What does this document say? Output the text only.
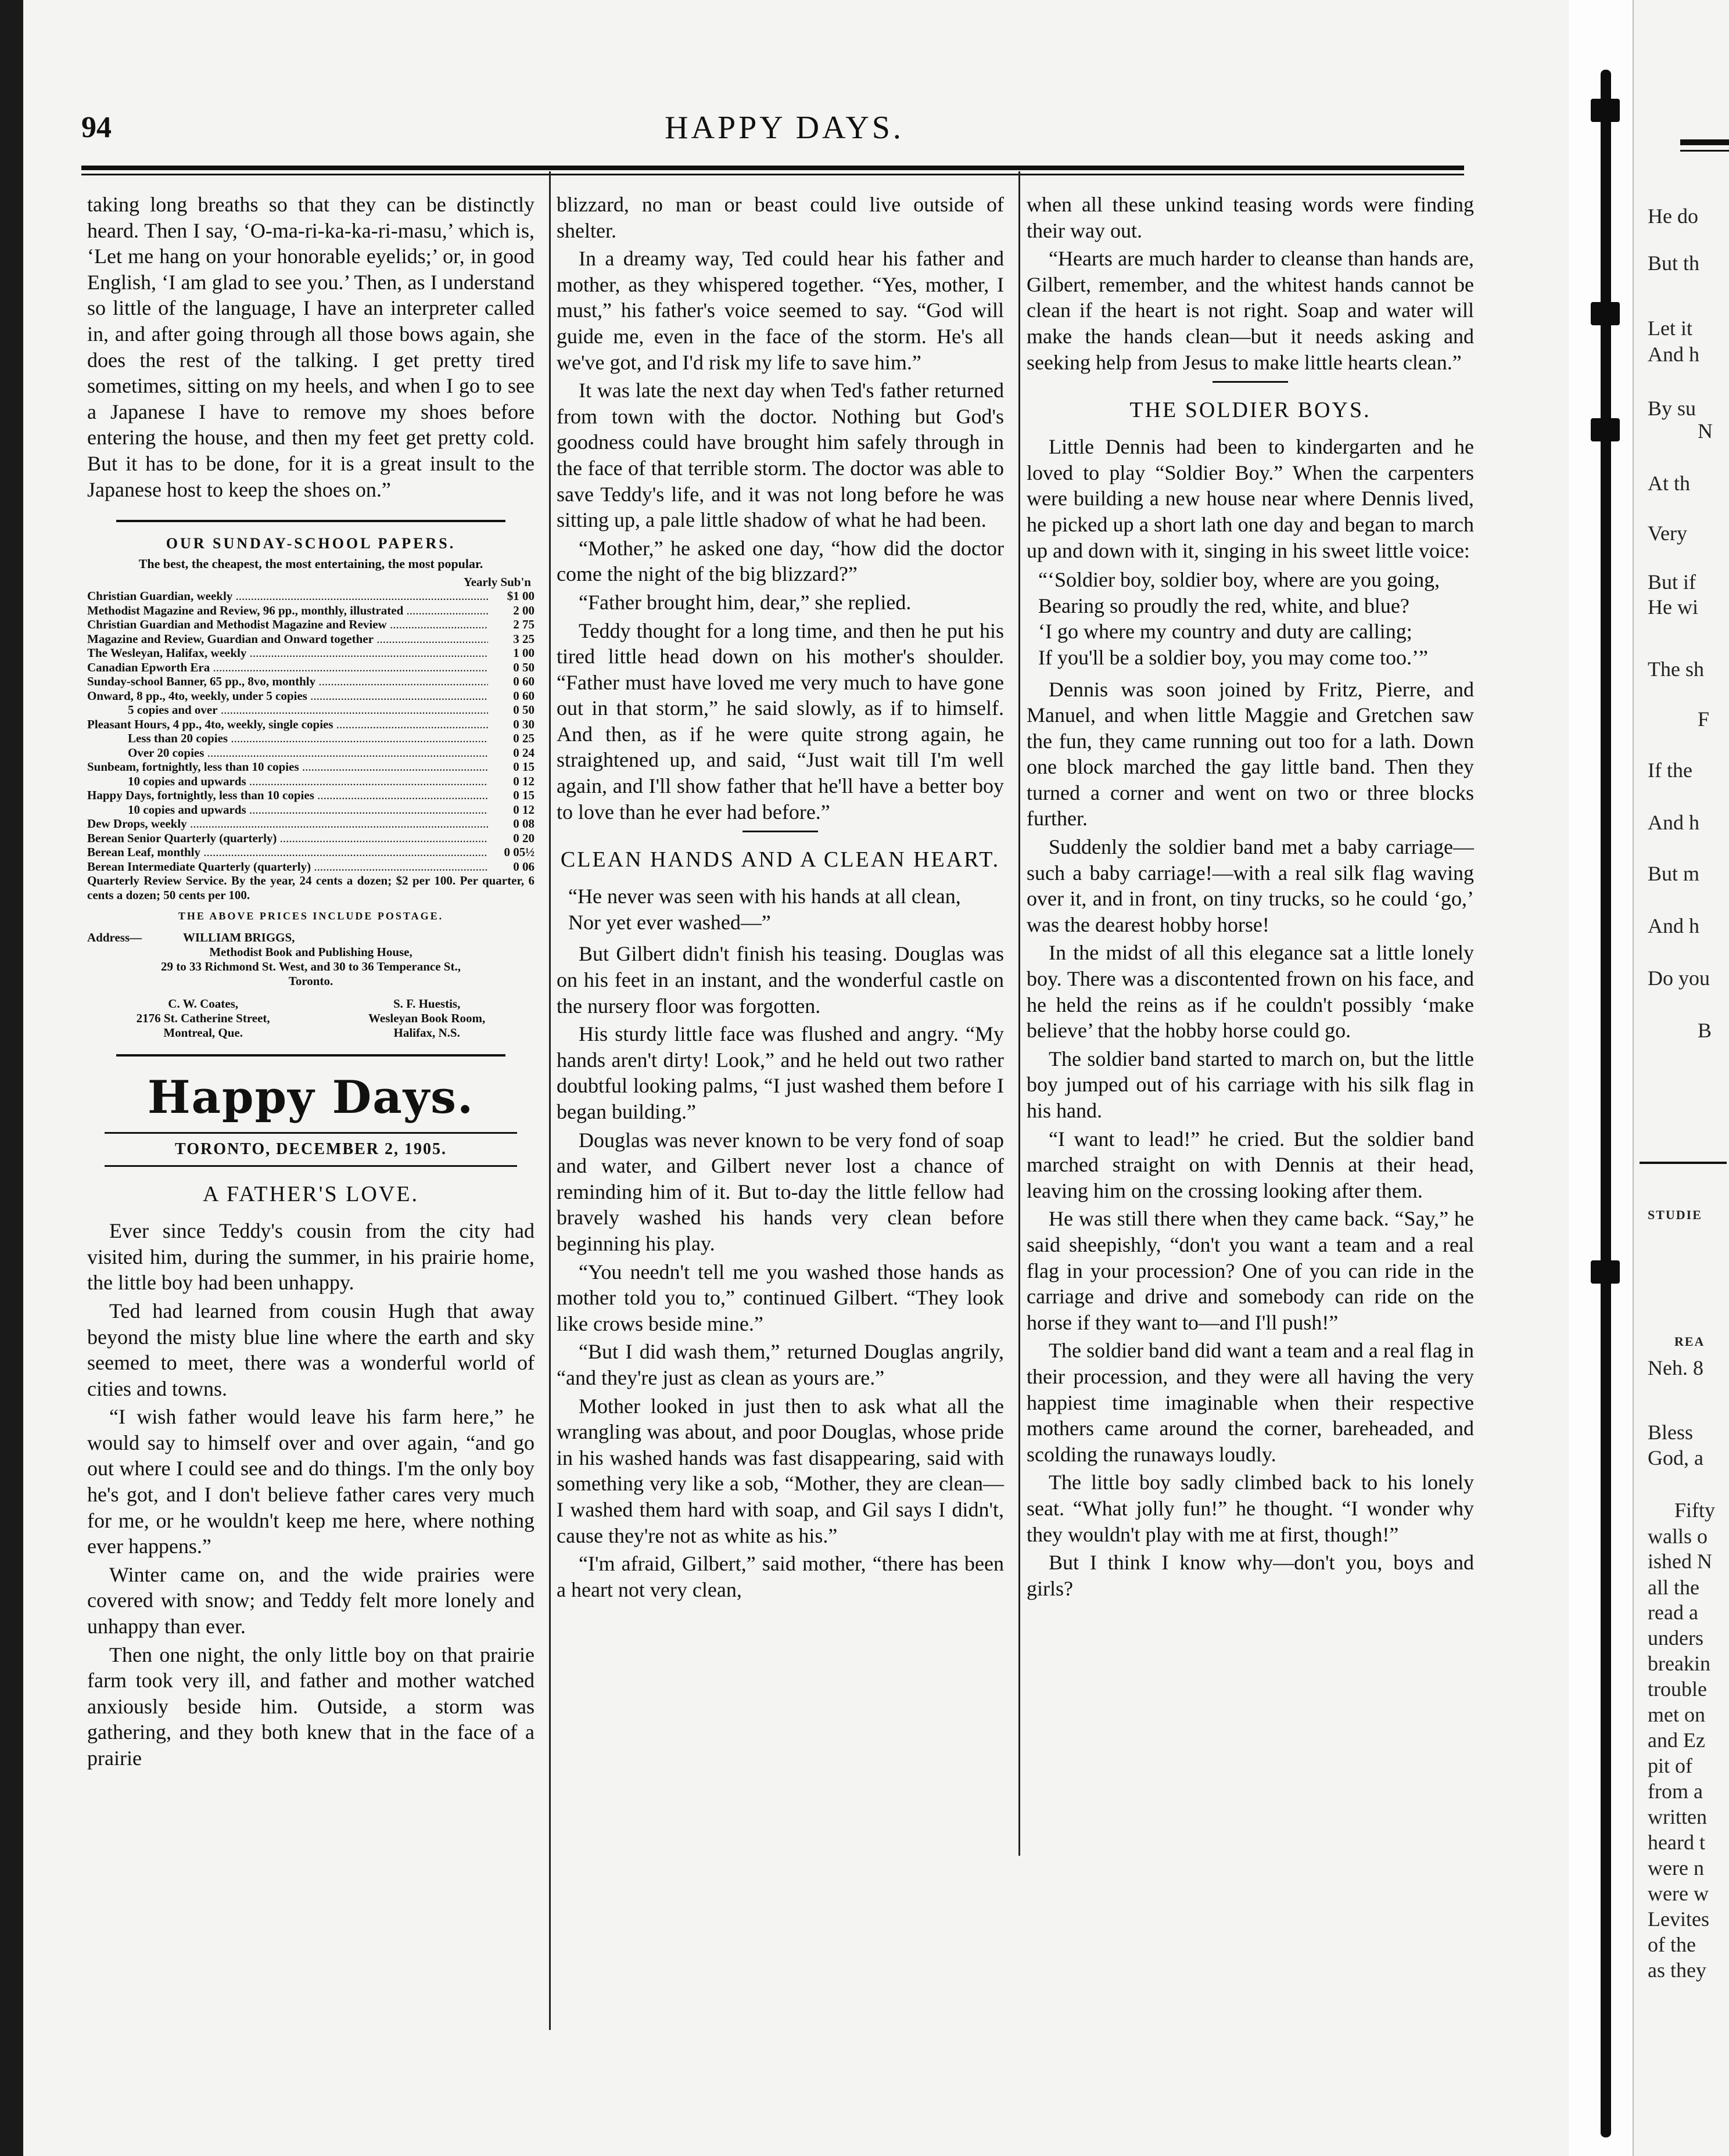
94	HAPPY DAYS.

taking long breaths so that they can be distinctly heard. Then I say, ‘O-ma-ri-ka-ka-ri-masu,’ which is, ‘Let me hang on your honorable eyelids;’ or, in good English, ‘I am glad to see you.’ Then, as I understand so little of the language, I have an interpreter called in, and after going through all those bows again, she does the rest of the talking. I get pretty tired sometimes, sitting on my heels, and when I go to see a Japanese I have to remove my shoes before entering the house, and then my feet get pretty cold. But it has to be done, for it is a great insult to the Japanese host to keep the shoes on.”

OUR SUNDAY-SCHOOL PAPERS.
The best, the cheapest, the most entertaining, the most popular.
Yearly Sub'n
Christian Guardian, weekly .....	$1 00
Methodist Magazine and Review, 96 pp., monthly, illustrated .....	2 00
Christian Guardian and Methodist Magazine and Review .....	2 75
Magazine and Review, Guardian and Onward together .....	3 25
The Wesleyan, Halifax, weekly .....	1 00
Canadian Epworth Era .....	0 50
Sunday-school Banner, 65 pp., 8vo, monthly .....	0 60
Onward, 8 pp., 4to, weekly, under 5 copies .....	0 60
5 copies and over .....	0 50
Pleasant Hours, 4 pp., 4to, weekly, single copies .....	0 30
Less than 20 copies .....	0 25
Over 20 copies .....	0 24
Sunbeam, fortnightly, less than 10 copies .....	0 15
10 copies and upwards .....	0 12
Happy Days, fortnightly, less than 10 copies .....	0 15
10 copies and upwards .....	0 12
Dew Drops, weekly .....	0 08
Berean Senior Quarterly (quarterly) .....	0 20
Berean Leaf, monthly .....	0 05½
Berean Intermediate Quarterly (quarterly) .....	0 06
Quarterly Review Service. By the year, 24 cents a dozen; $2 per 100. Per quarter, 6 cents a dozen; 50 cents per 100.
THE ABOVE PRICES INCLUDE POSTAGE.
Address—	WILLIAM BRIGGS,
Methodist Book and Publishing House,
29 to 33 Richmond St. West, and 30 to 36 Temperance St.,
Toronto.
C. W. Coates,
2176 St. Catherine Street,
Montreal, Que.
S. F. Huestis,
Wesleyan Book Room,
Halifax, N.S.
Happy Days.
TORONTO, DECEMBER 2, 1905.
A FATHER'S LOVE.

Ever since Teddy's cousin from the city had visited him, during the summer, in his prairie home, the little boy had been unhappy.

Ted had learned from cousin Hugh that away beyond the misty blue line where the earth and sky seemed to meet, there was a wonderful world of cities and towns.

“I wish father would leave his farm here,” he would say to himself over and over again, “and go out where I could see and do things. I'm the only boy he's got, and I don't believe father cares very much for me, or he wouldn't keep me here, where nothing ever happens.”

Winter came on, and the wide prairies were covered with snow; and Teddy felt more lonely and unhappy than ever.

Then one night, the only little boy on that prairie farm took very ill, and father and mother watched anxiously beside him. Outside, a storm was gathering, and they both knew that in the face of a prairie

blizzard, no man or beast could live outside of shelter.

In a dreamy way, Ted could hear his father and mother, as they whispered together. “Yes, mother, I must,” his father's voice seemed to say. “God will guide me, even in the face of the storm. He's all we've got, and I'd risk my life to save him.”

It was late the next day when Ted's father returned from town with the doctor. Nothing but God's goodness could have brought him safely through in the face of that terrible storm. The doctor was able to save Teddy's life, and it was not long before he was sitting up, a pale little shadow of what he had been.

“Mother,” he asked one day, “how did the doctor come the night of the big blizzard?”

“Father brought him, dear,” she replied.

Teddy thought for a long time, and then he put his tired little head down on his mother's shoulder. “Father must have loved me very much to have gone out in that storm,” he said slowly, as if to himself. And then, as if he were quite strong again, he straightened up, and said, “Just wait till I'm well again, and I'll show father that he'll have a better boy to love than he ever had before.”

CLEAN HANDS AND A CLEAN HEART.
“He never was seen with his hands at all clean,
Nor yet ever washed—”

But Gilbert didn't finish his teasing. Douglas was on his feet in an instant, and the wonderful castle on the nursery floor was forgotten.

His sturdy little face was flushed and angry. “My hands aren't dirty! Look,” and he held out two rather doubtful looking palms, “I just washed them before I began building.”

Douglas was never known to be very fond of soap and water, and Gilbert never lost a chance of reminding him of it. But to-day the little fellow had bravely washed his hands very clean before beginning his play.

“You needn't tell me you washed those hands as mother told you to,” continued Gilbert. “They look like crows beside mine.”

“But I did wash them,” returned Douglas angrily, “and they're just as clean as yours are.”

Mother looked in just then to ask what all the wrangling was about, and poor Douglas, whose pride in his washed hands was fast disappearing, said with something very like a sob, “Mother, they are clean—I washed them hard with soap, and Gil says I didn't, cause they're not as white as his.”

“I'm afraid, Gilbert,” said mother, “there has been a heart not very clean,

when all these unkind teasing words were finding their way out.

“Hearts are much harder to cleanse than hands are, Gilbert, remember, and the whitest hands cannot be clean if the heart is not right. Soap and water will make the hands clean—but it needs asking and seeking help from Jesus to make little hearts clean.”

THE SOLDIER BOYS.

Little Dennis had been to kindergarten and he loved to play “Soldier Boy.” When the carpenters were building a new house near where Dennis lived, he picked up a short lath one day and began to march up and down with it, singing in his sweet little voice:

“‘Soldier boy, soldier boy, where are you going,
Bearing so proudly the red, white, and blue?
‘I go where my country and duty are calling;
If you'll be a soldier boy, you may come too.’”

Dennis was soon joined by Fritz, Pierre, and Manuel, and when little Maggie and Gretchen saw the fun, they came running out too for a lath. Down one block marched the gay little band. Then they turned a corner and went on two or three blocks further.

Suddenly the soldier band met a baby carriage—such a baby carriage!—with a real silk flag waving over it, and in front, on tiny trucks, so he could ‘go,’ was the dearest hobby horse!

In the midst of all this elegance sat a little lonely boy. There was a discontented frown on his face, and he held the reins as if he couldn't possibly ‘make believe’ that the hobby horse could go.

The soldier band started to march on, but the little boy jumped out of his carriage with his silk flag in his hand.

“I want to lead!” he cried. But the soldier band marched straight on with Dennis at their head, leaving him on the crossing looking after them.

He was still there when they came back. “Say,” he said sheepishly, “don't you want a team and a real flag in your procession? One of you can ride in the carriage and drive and somebody can ride on the horse if they want to—and I'll push!”

The soldier band did want a team and a real flag in their procession, and they were all having the very happiest time imaginable when their respective mothers came around the corner, bareheaded, and scolding the runaways loudly.

The little boy sadly climbed back to his lonely seat. “What jolly fun!” he thought. “I wonder why they wouldn't play with me at first, though!”

But I think I know why—don't you, boys and girls?

He do
But th
Let it
And h
By su
N
At th
Very
But if
He wi
The sh
F
If the
And h
But m
And h
Do you
B
STUDIE
REA
Neh. 8
Bless
God, a
Fifty
walls o
ished N
all the
read a
unders
breakin
trouble
met on
and Ez
pit of
from a
written
heard t
were n
were w
Levites
of the
as they
